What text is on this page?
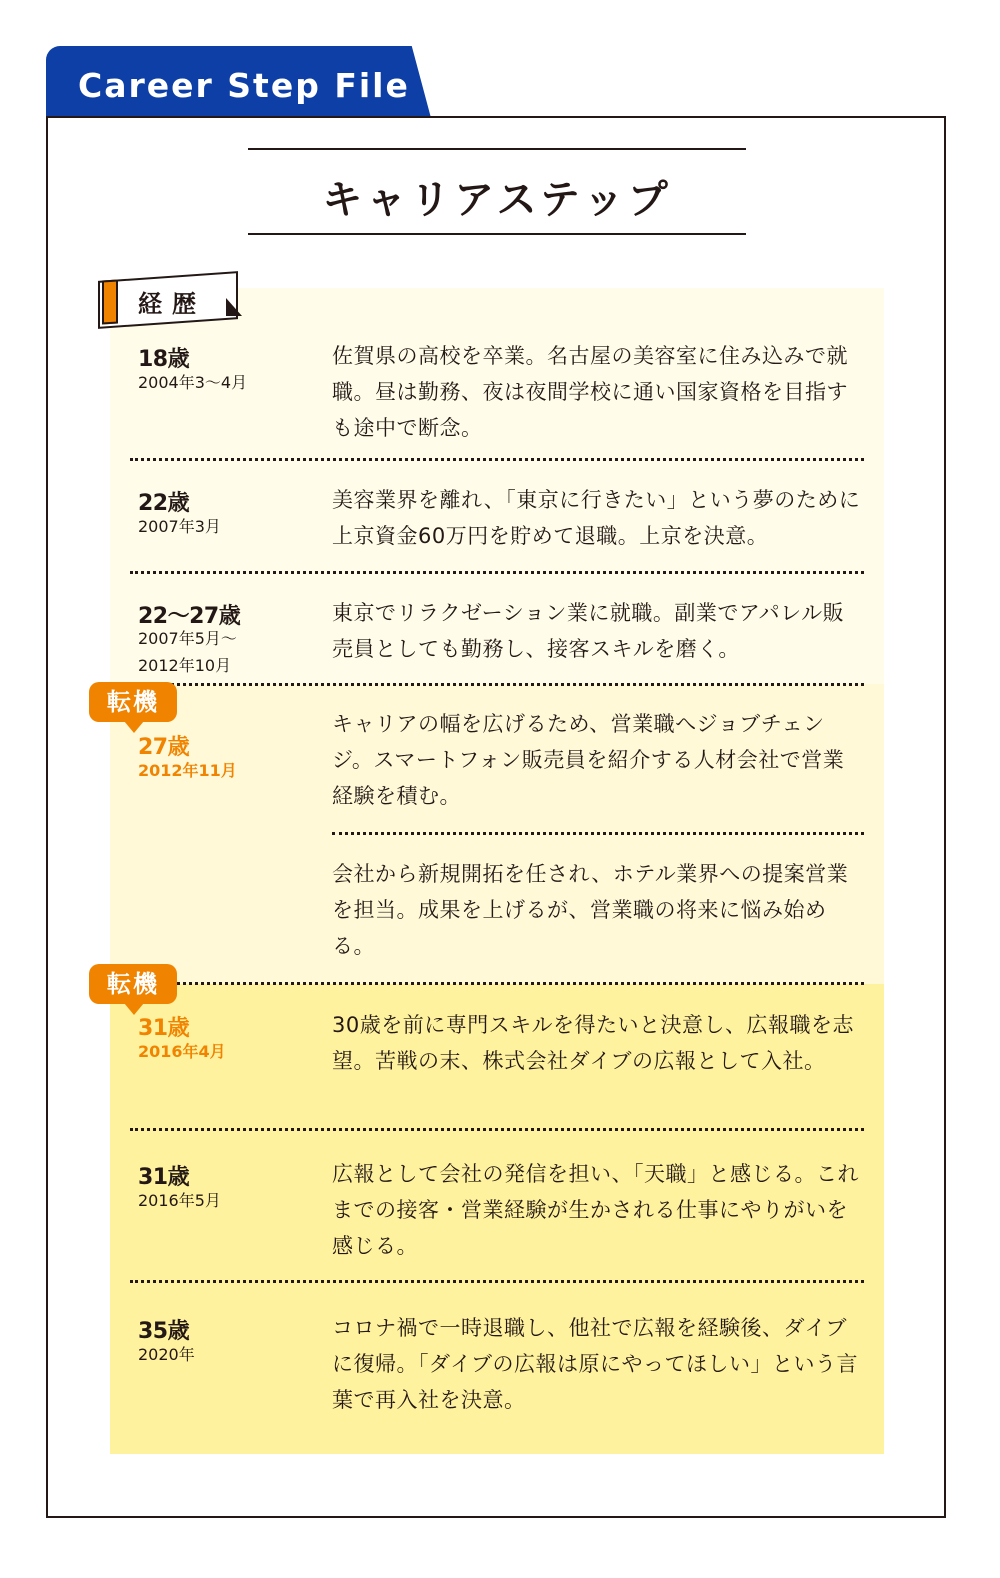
Career Step File
キャリアステップ
経歴
18歳
2004年3〜4月
佐賀県の高校を卒業。名古屋の美容室に住み込みで就職。昼は勤務、夜は夜間学校に通い国家資格を目指すも途中で断念。
22歳
2007年3月
美容業界を離れ、「東京に行きたい」という夢のために上京資金60万円を貯めて退職。上京を決意。
22〜27歳
2007年5月〜
2012年10月
東京でリラクゼーション業に就職。副業でアパレル販売員としても勤務し、接客スキルを磨く。
転機
27歳
2012年11月
キャリアの幅を広げるため、営業職へジョブチェンジ。スマートフォン販売員を紹介する人材会社で営業経験を積む。
会社から新規開拓を任され、ホテル業界への提案営業を担当。成果を上げるが、営業職の将来に悩み始める。
転機
31歳
2016年4月
30歳を前に専門スキルを得たいと決意し、広報職を志望。苦戦の末、株式会社ダイブの広報として入社。
31歳
2016年5月
広報として会社の発信を担い、「天職」と感じる。これまでの接客・営業経験が生かされる仕事にやりがいを感じる。
35歳
2020年
コロナ禍で一時退職し、他社で広報を経験後、ダイブに復帰。「ダイブの広報は原にやってほしい」という言葉で再入社を決意。
